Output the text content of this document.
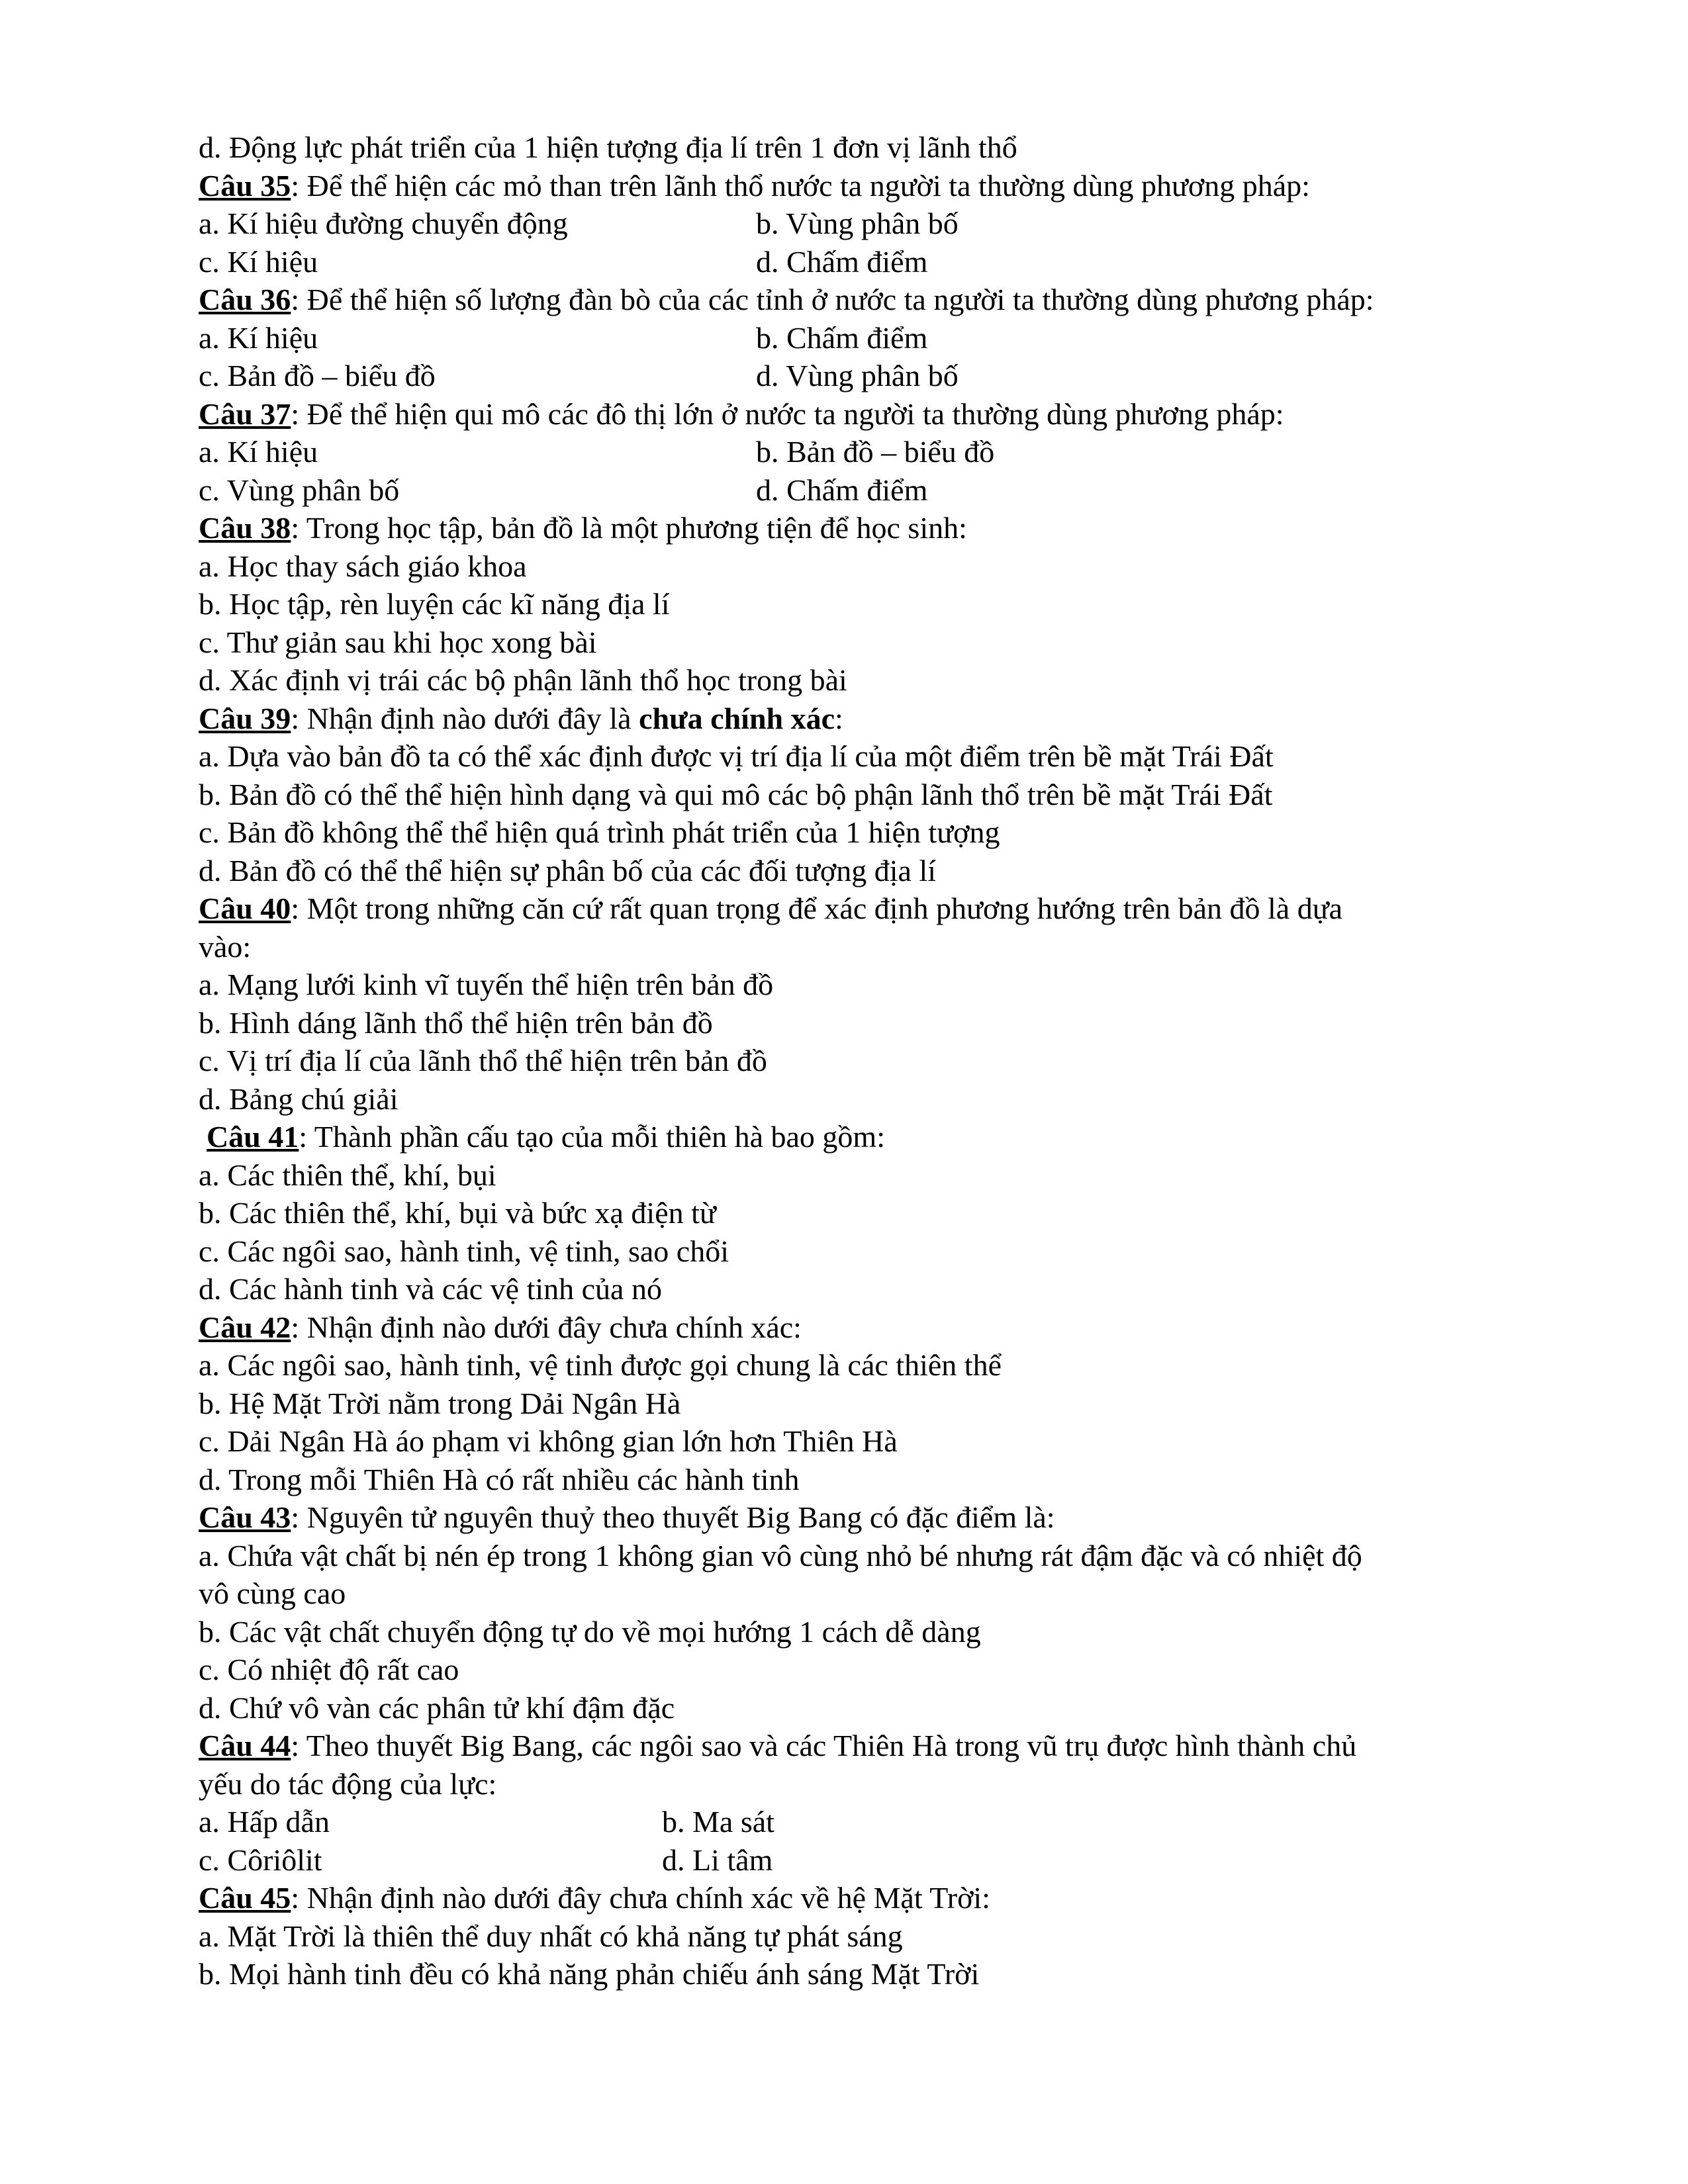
d. Động lực phát triển của 1 hiện tượng địa lí trên 1 đơn vị lãnh thổ
Câu 35: Để thể hiện các mỏ than trên lãnh thổ nước ta người ta thường dùng phương pháp:
a. Kí hiệu đường chuyển động	b. Vùng phân bố
c. Kí hiệu	d. Chấm điểm
Câu 36: Để thể hiện số lượng đàn bò của các tỉnh ở nước ta người ta thường dùng phương pháp:
a. Kí hiệu	b. Chấm điểm
c. Bản đồ – biểu đồ	d. Vùng phân bố
Câu 37: Để thể hiện qui mô các đô thị lớn ở nước ta người ta thường dùng phương pháp:
a. Kí hiệu	b. Bản đồ – biểu đồ
c. Vùng phân bố	d. Chấm điểm
Câu 38: Trong học tập, bản đồ là một phương tiện để học sinh:
a. Học thay sách giáo khoa
b. Học tập, rèn luyện các kĩ năng địa lí
c. Thư giản sau khi học xong bài
d. Xác định vị trái các bộ phận lãnh thổ học trong bài
Câu 39: Nhận định nào dưới đây là chưa chính xác:
a. Dựa vào bản đồ ta có thể xác định được vị trí địa lí của một điểm trên bề mặt Trái Đất
b. Bản đồ có thể thể hiện hình dạng và qui mô các bộ phận lãnh thổ trên bề mặt Trái Đất
c. Bản đồ không thể thể hiện quá trình phát triển của 1 hiện tượng
d. Bản đồ có thể thể hiện sự phân bố của các đối tượng địa lí
Câu 40: Một trong những căn cứ rất quan trọng để xác định phương hướng trên bản đồ là dựa
vào:
a. Mạng lưới kinh vĩ tuyến thể hiện trên bản đồ
b. Hình dáng lãnh thổ thể hiện trên bản đồ
c. Vị trí địa lí của lãnh thổ thể hiện trên bản đồ
d. Bảng chú giải
Câu 41: Thành phần cấu tạo của mỗi thiên hà bao gồm:
a. Các thiên thể, khí, bụi
b. Các thiên thể, khí, bụi và bức xạ điện từ
c. Các ngôi sao, hành tinh, vệ tinh, sao chổi
d. Các hành tinh và các vệ tinh của nó
Câu 42: Nhận định nào dưới đây chưa chính xác:
a. Các ngôi sao, hành tinh, vệ tinh được gọi chung là các thiên thể
b. Hệ Mặt Trời nằm trong Dải Ngân Hà
c. Dải Ngân Hà áo phạm vi không gian lớn hơn Thiên Hà
d. Trong mỗi Thiên Hà có rất nhiều các hành tinh
Câu 43: Nguyên tử nguyên thuỷ theo thuyết Big Bang có đặc điểm là:
a. Chứa vật chất bị nén ép trong 1 không gian vô cùng nhỏ bé nhưng rát đậm đặc và có nhiệt độ
vô cùng cao
b. Các vật chất chuyển động tự do về mọi hướng 1 cách dễ dàng
c. Có nhiệt độ rất cao
d. Chứ vô vàn các phân tử khí đậm đặc
Câu 44: Theo thuyết Big Bang, các ngôi sao và các Thiên Hà trong vũ trụ được hình thành chủ
yếu do tác động của lực:
a. Hấp dẫn	b. Ma sát
c. Côriôlit	d. Li tâm
Câu 45: Nhận định nào dưới đây chưa chính xác về hệ Mặt Trời:
a. Mặt Trời là thiên thể duy nhất có khả năng tự phát sáng
b. Mọi hành tinh đều có khả năng phản chiếu ánh sáng Mặt Trời
